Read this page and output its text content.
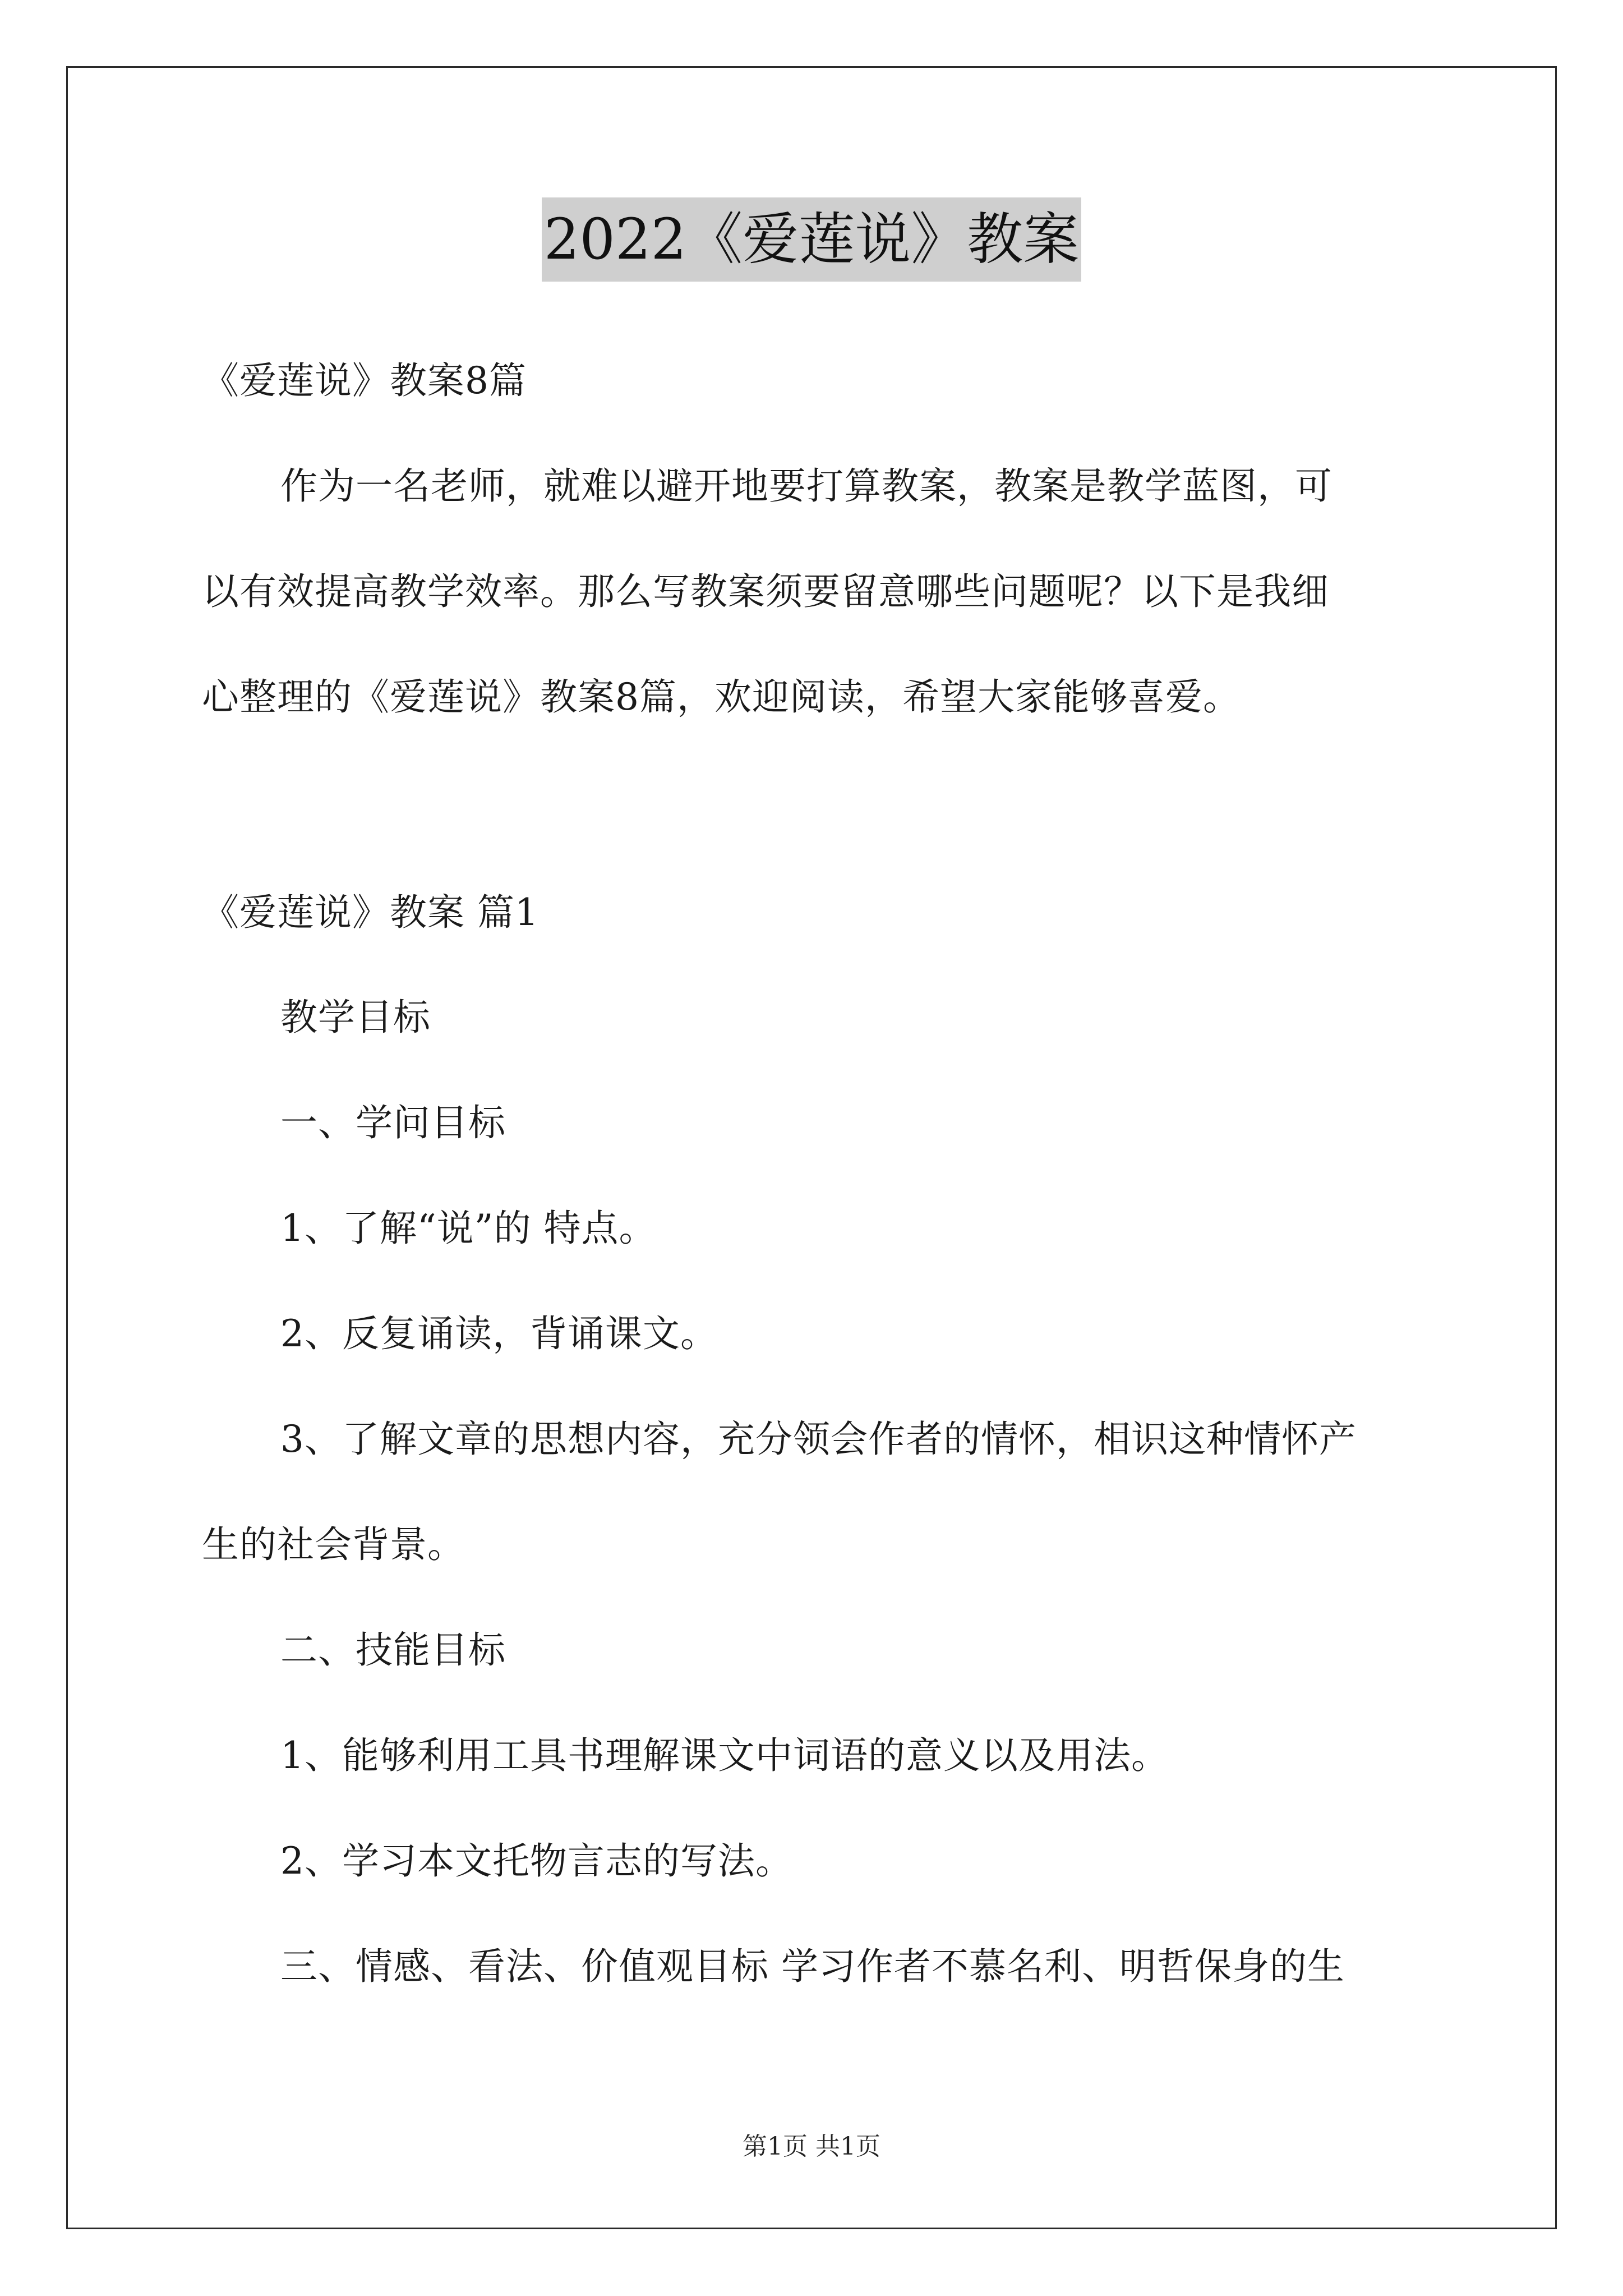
2022《爱莲说》教案
《爱莲说》教案8篇
作为一名老师，就难以避开地要打算教案，教案是教学蓝图，可
以有效提高教学效率。那么写教案须要留意哪些问题呢？以下是我细
心整理的《爱莲说》教案8篇，欢迎阅读，希望大家能够喜爱。
《爱莲说》教案 篇1
教学目标
一、学问目标
1、了解“说”的 特点。
2、反复诵读，背诵课文。
3、了解文章的思想内容，充分领会作者的情怀，相识这种情怀产
生的社会背景。
二、技能目标
1、能够利用工具书理解课文中词语的意义以及用法。
2、学习本文托物言志的写法。
三、情感、看法、价值观目标 学习作者不慕名利、明哲保身的生
第1页 共1页
